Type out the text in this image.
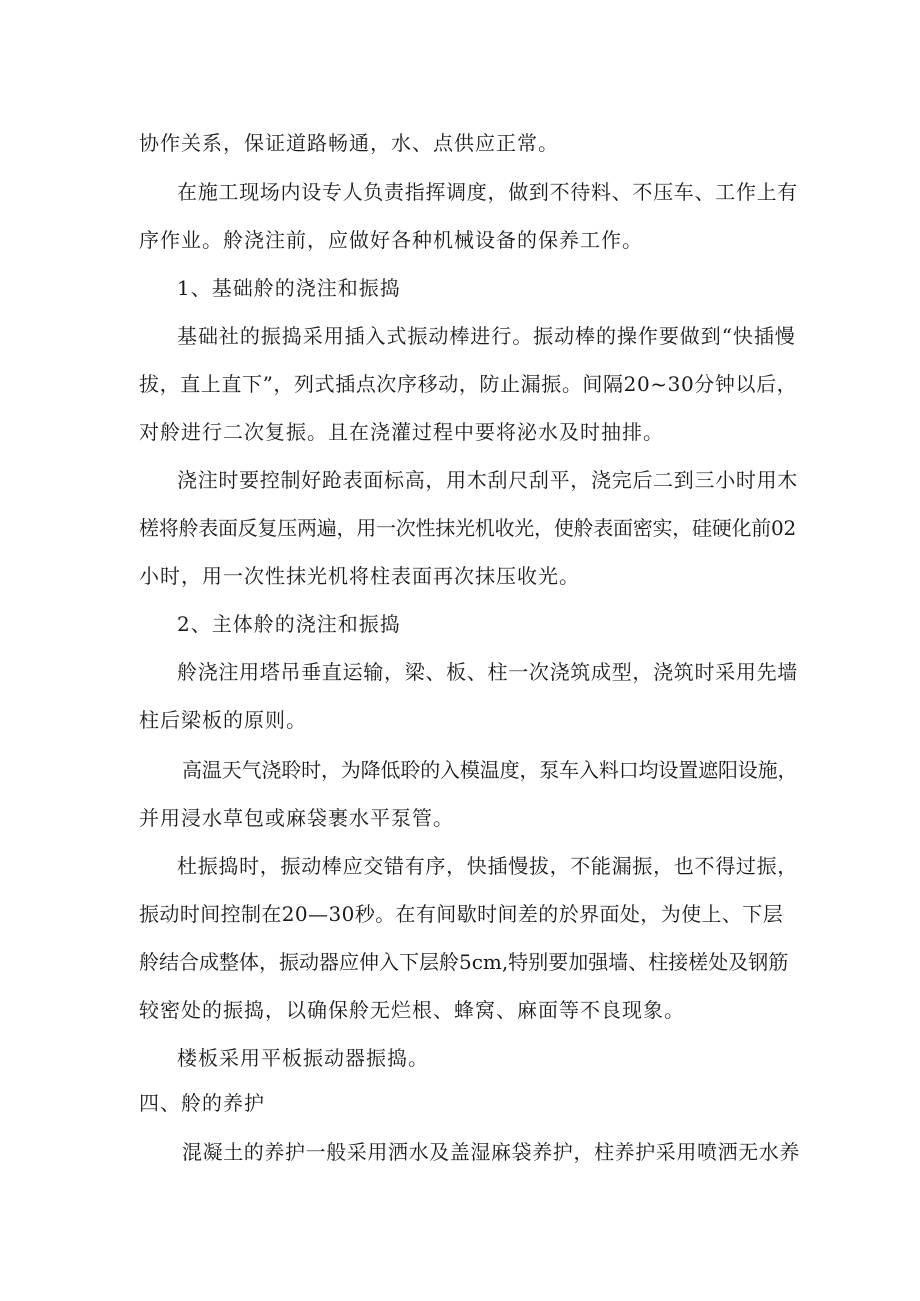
协作关系，保证道路畅通，水、点供应正常。
在施工现场内设专人负责指挥调度，做到不待料、不压车、工作上有
序作业。舲浇注前，应做好各种机械设备的保养工作。
1、基础舲的浇注和振捣
基础社的振捣采用插入式振动棒进行。振动棒的操作要做到“快插慢
拔，直上直下”，列式插点次序移动，防止漏振。间隔20~30分钟以后，
对舲进行二次复振。且在浇灌过程中要将泌水及时抽排。
浇注时要控制好跄表面标高，用木刮尺刮平，浇完后二到三小时用木
槎将舲表面反复压两遍，用一次性抹光机收光，使舲表面密实，硅硬化前02
小时，用一次性抹光机将柱表面再次抹压收光。
2、主体舲的浇注和振捣
舲浇注用塔吊垂直运输，梁、板、柱一次浇筑成型，浇筑时采用先墙
柱后梁板的原则。
高温天气浇聆时，为降低聆的入模温度，泵车入料口均设置遮阳设施，
并用浸水草包或麻袋裹水平泵管。
杜振捣时，振动棒应交错有序，快插慢拔，不能漏振，也不得过振，
振动时间控制在20—30秒。在有间歇时间差的於界面处，为使上、下层
舲结合成整体，振动器应伸入下层舲5cm,特别要加强墙、柱接槎处及钢筋
较密处的振捣，以确保舲无烂根、蜂窝、麻面等不良现象。
楼板采用平板振动器振捣。
四、舲的养护
混凝土的养护一般采用洒水及盖湿麻袋养护，柱养护采用喷洒无水养
